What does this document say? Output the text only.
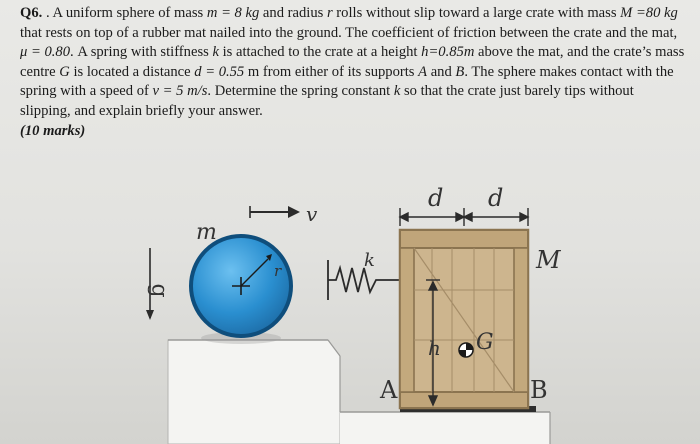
Q6. . A uniform sphere of mass m = 8 kg and radius r rolls without slip toward a large crate with mass M =80 kg that rests on top of a rubber mat nailed into the ground. The coefficient of friction between the crate and the mat, μ = 0.80. A spring with stiffness k is attached to the crate at a height h=0.85m above the mat, and the crate’s mass centre G is located a distance d = 0.55 m from either of its supports A and B. The sphere makes contact with the spring with a speed of v = 5 m/s. Determine the spring constant k so that the crate just barely tips without slipping, and explain briefly your answer.
(10 marks)

g
m
v
r	k
d d
M
h G
A	B
